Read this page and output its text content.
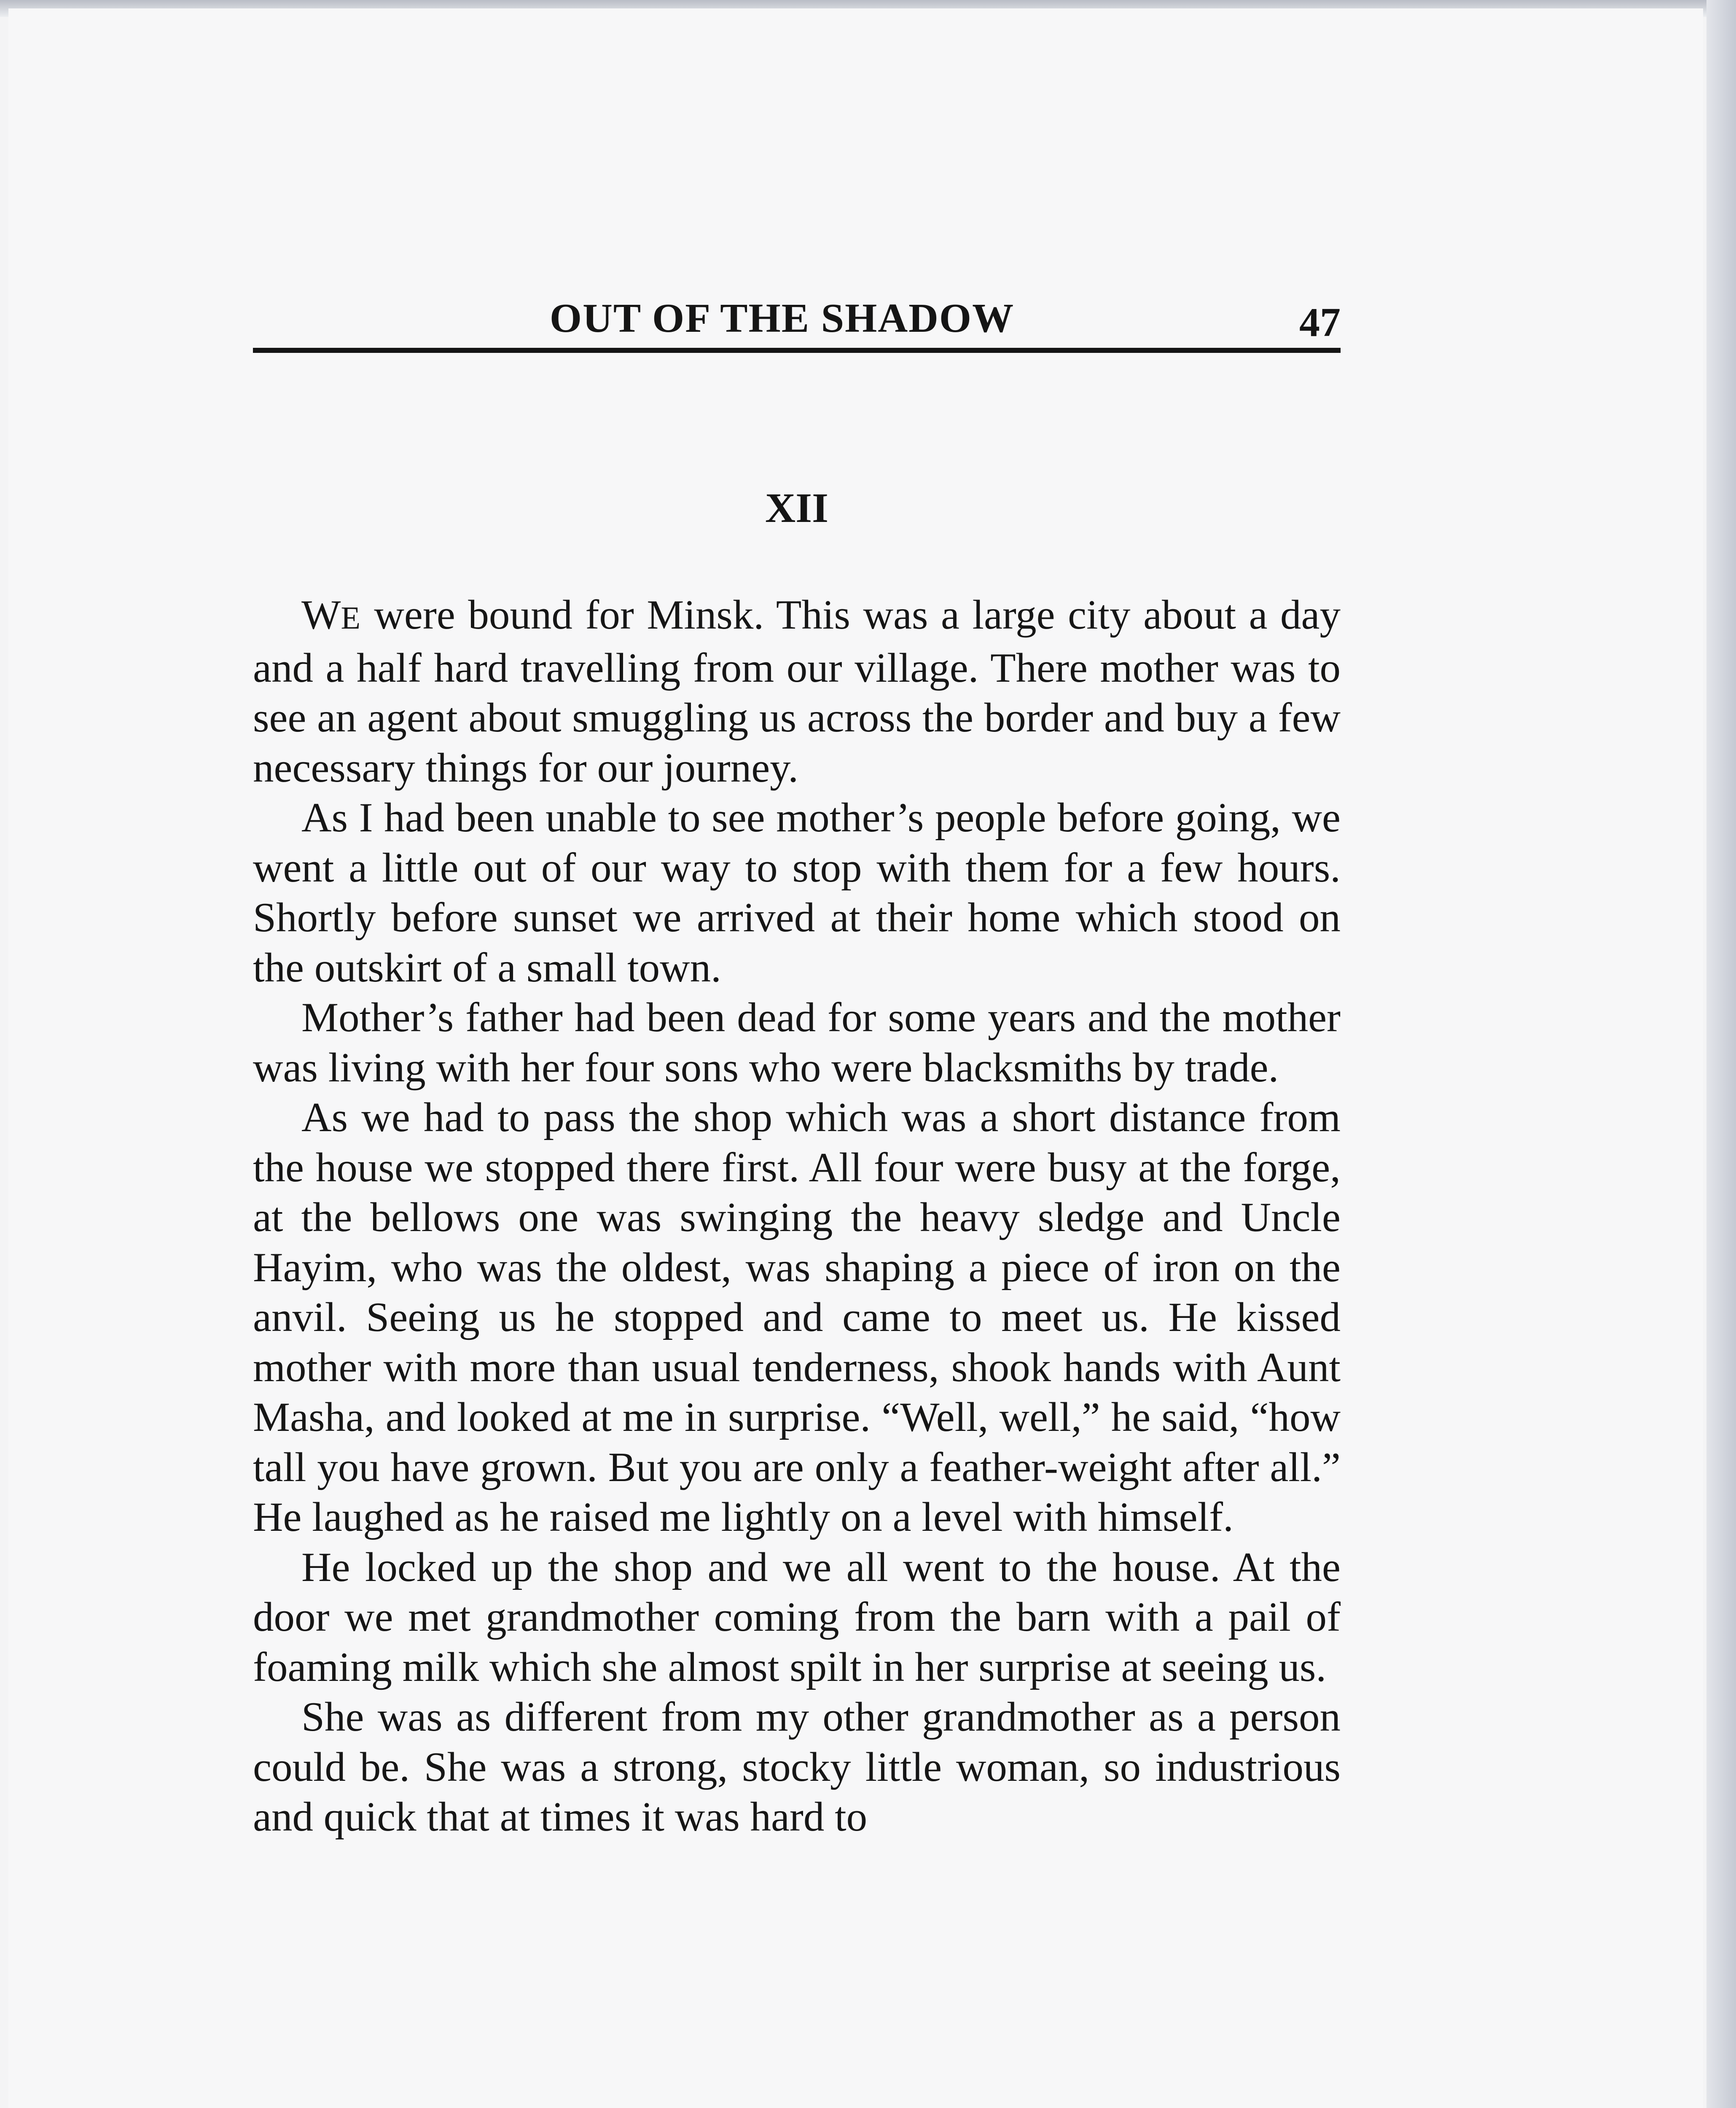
OUT OF THE SHADOW	47
XII

WE were bound for Minsk. This was a large city about a day and a half hard travelling from our village. There mother was to see an agent about smuggling us across the border and buy a few necessary things for our journey.

As I had been unable to see mother’s people before going, we went a little out of our way to stop with them for a few hours. Shortly before sunset we arrived at their home which stood on the outskirt of a small town.

Mother’s father had been dead for some years and the mother was living with her four sons who were blacksmiths by trade.

As we had to pass the shop which was a short distance from the house we stopped there first. All four were busy at the forge, at the bellows one was swinging the heavy sledge and Uncle Hayim, who was the oldest, was shaping a piece of iron on the anvil. Seeing us he stopped and came to meet us. He kissed mother with more than usual tenderness, shook hands with Aunt Masha, and looked at me in surprise. “Well, well,” he said, “how tall you have grown. But you are only a feather-weight after all.” He laughed as he raised me lightly on a level with himself.

He locked up the shop and we all went to the house. At the door we met grandmother coming from the barn with a pail of foaming milk which she almost spilt in her surprise at seeing us.

She was as different from my other grandmother as a person could be. She was a strong, stocky little woman, so industrious and quick that at times it was hard to
